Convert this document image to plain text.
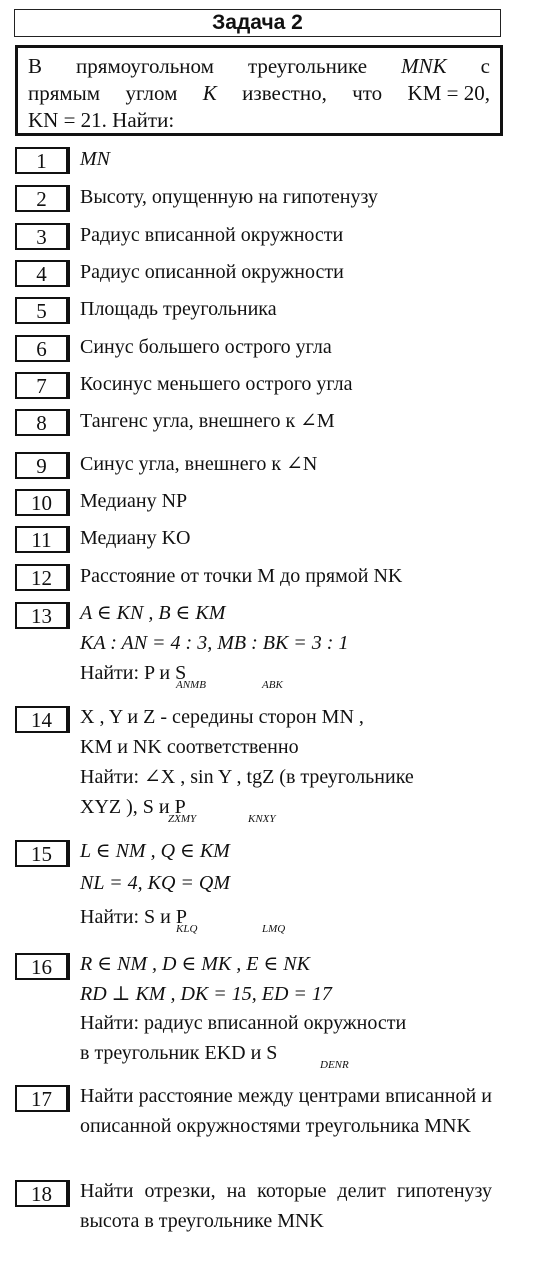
Задача 2
В прямоугольном треугольнике MNK с
прямым углом K известно, что KM = 20,
KN = 21. Найти:
1	MN
2	Высоту, опущенную на гипотенузу
3	Радиус вписанной окружности
4	Радиус описанной окружности
5	Площадь треугольника
6	Синус большего острого угла
7	Косинус меньшего острого угла
8	Тангенс угла, внешнего к ∠M
9	Синус угла, внешнего к ∠N
10	Медиану NP
11	Медиану KO
12	Расстояние от точки M до прямой NK
13	A ∈ KN , B ∈ KM
KA : AN = 4 : 3, MB : BK = 3 : 1
Найти: P и S
ANMB	ABK
14	X , Y и Z - середины сторон MN ,
KM и NK соответственно
Найти: ∠X , sin Y , tgZ (в треугольнике
XYZ ), S и P
ZXMY	KNXY
15	L ∈ NM , Q ∈ KM
NL = 4, KQ = QM
Найти: S и P
KLQ	LMQ
16	R ∈ NM , D ∈ MK , E ∈ NK
RD ⊥ KM , DK = 15, ED = 17
Найти: радиус вписанной окружности
в треугольник EKD и S
DENR
17	Найти расстояние между центрами вписанной и описанной окружностями треугольника MNK
18	Найти отрезки, на которые делит гипотенузу высота в треугольнике MNK
